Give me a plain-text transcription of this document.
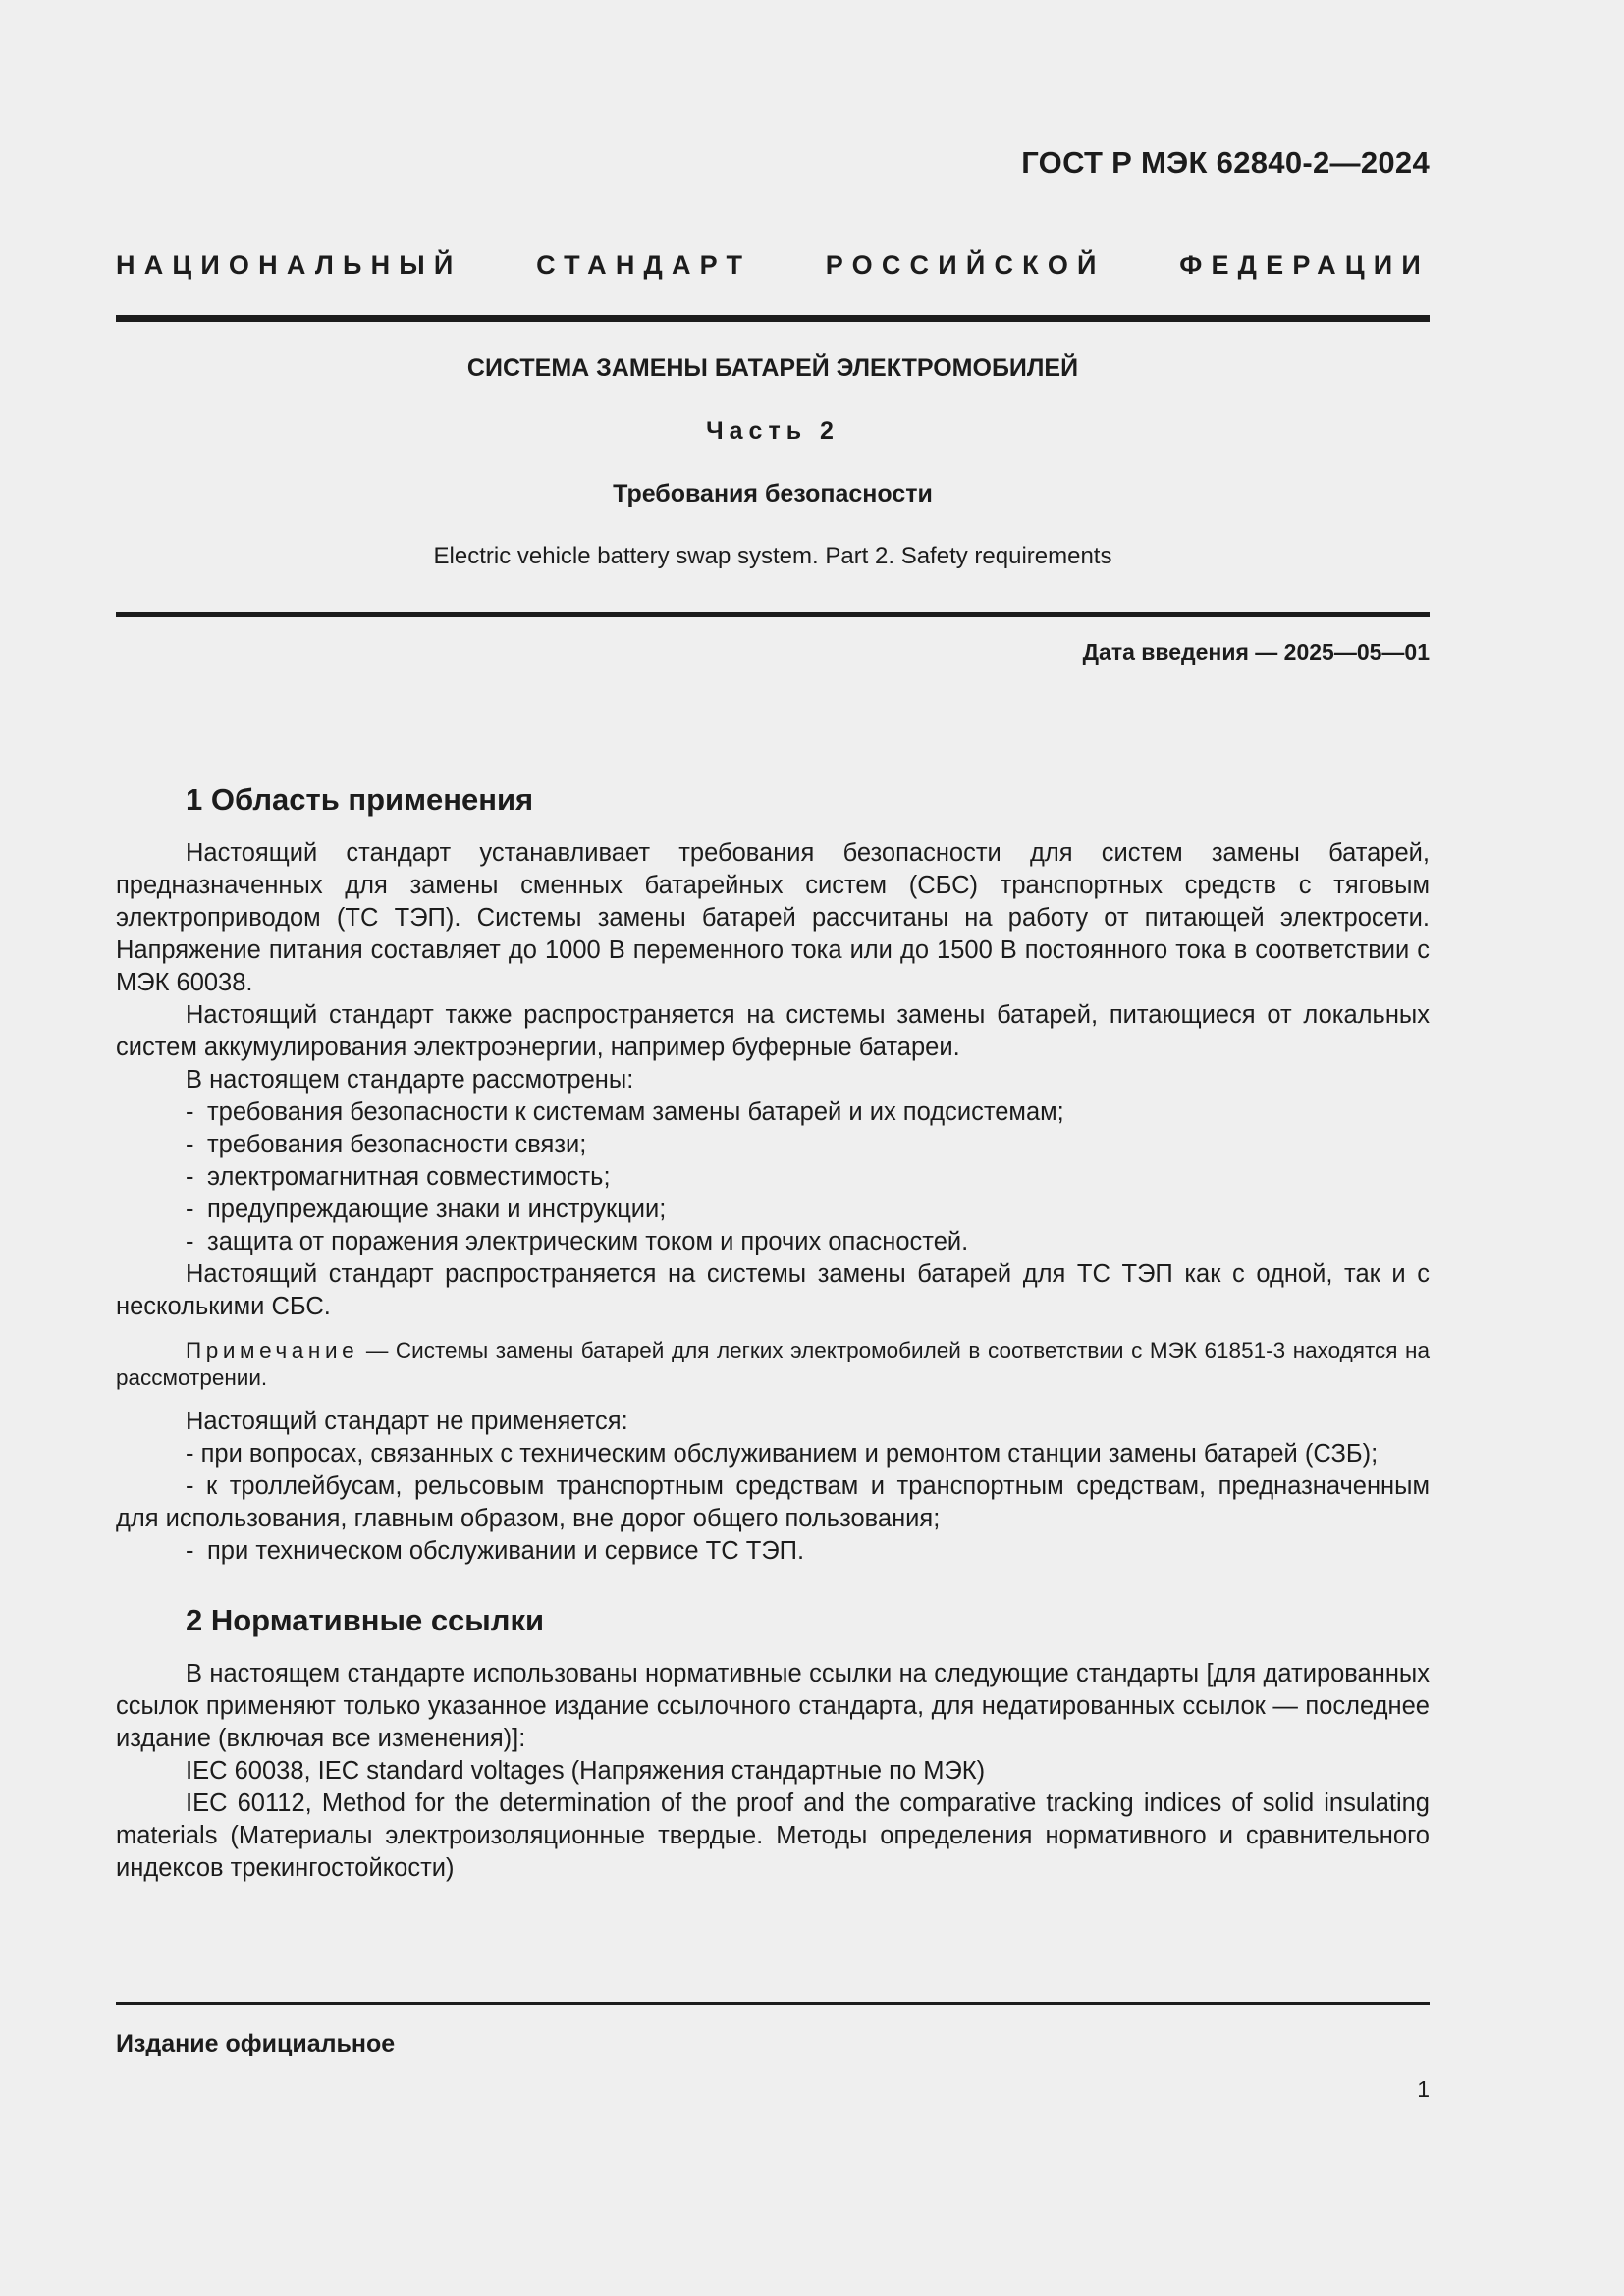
ГОСТ Р МЭК 62840-2—2024
НАЦИОНАЛЬНЫЙ СТАНДАРТ РОССИЙСКОЙ ФЕДЕРАЦИИ
СИСТЕМА ЗАМЕНЫ БАТАРЕЙ ЭЛЕКТРОМОБИЛЕЙ
Часть 2
Требования безопасности
Electric vehicle battery swap system. Part 2. Safety requirements
Дата введения — 2025—05—01
1 Область применения

Настоящий стандарт устанавливает требования безопасности для систем замены батарей, предназначенных для замены сменных батарейных систем (СБС) транспортных средств с тяговым электроприводом (ТС ТЭП). Системы замены батарей рассчитаны на работу от питающей электросети. Напряжение питания составляет до 1000 В переменного тока или до 1500 В постоянного тока в соответствии с МЭК 60038.

Настоящий стандарт также распространяется на системы замены батарей, питающиеся от локальных систем аккумулирования электроэнергии, например буферные батареи.

В настоящем стандарте рассмотрены:

- требования безопасности к системам замены батарей и их подсистемам;

- требования безопасности связи;

- электромагнитная совместимость;

- предупреждающие знаки и инструкции;

- защита от поражения электрическим током и прочих опасностей.

Настоящий стандарт распространяется на системы замены батарей для ТС ТЭП как с одной, так и с несколькими СБС.

Примечание — Системы замены батарей для легких электромобилей в соответствии с МЭК 61851-3 находятся на рассмотрении.

Настоящий стандарт не применяется:

- при вопросах, связанных с техническим обслуживанием и ремонтом станции замены батарей (СЗБ);

- к троллейбусам, рельсовым транспортным средствам и транспортным средствам, предназначенным для использования, главным образом, вне дорог общего пользования;

- при техническом обслуживании и сервисе ТС ТЭП.

2 Нормативные ссылки

В настоящем стандарте использованы нормативные ссылки на следующие стандарты [для датированных ссылок применяют только указанное издание ссылочного стандарта, для недатированных ссылок — последнее издание (включая все изменения)]:

IEC 60038, IEC standard voltages (Напряжения стандартные по МЭК)

IEC 60112, Method for the determination of the proof and the comparative tracking indices of solid insulating materials (Материалы электроизоляционные твердые. Методы определения нормативного и сравнительного индексов трекингостойкости)

Издание официальное
1
